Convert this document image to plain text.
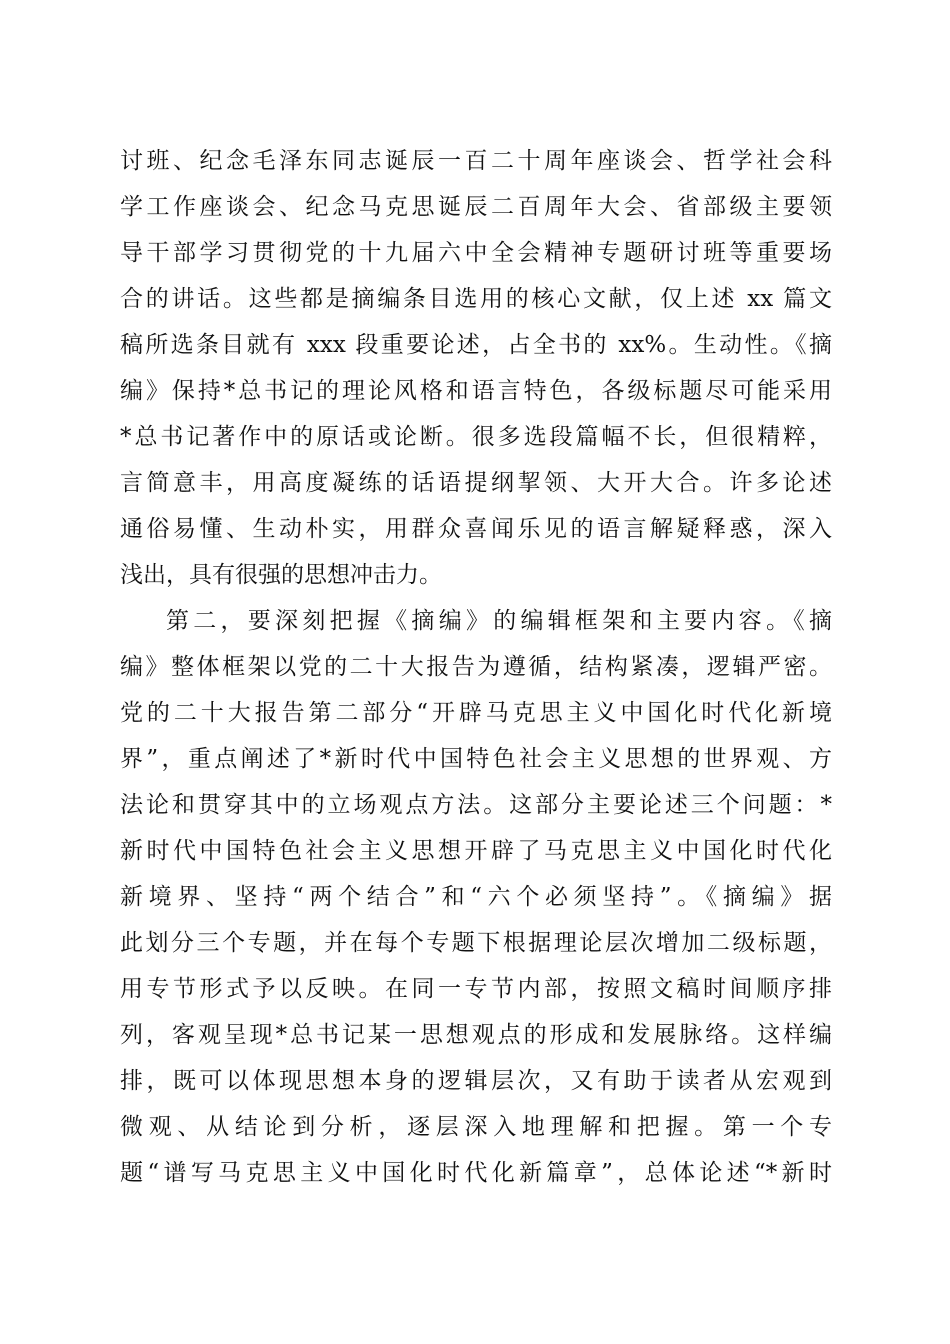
讨班、纪念毛泽东同志诞辰一百二十周年座谈会、哲学社会科
学工作座谈会、纪念马克思诞辰二百周年大会、省部级主要领
导干部学习贯彻党的十九届六中全会精神专题研讨班等重要场
合的讲话。这些都是摘编条目选用的核心文献，仅上述 xx 篇文
稿所选条目就有 xxx 段重要论述，占全书的 xx%。生动性。《摘
编》保持*总书记的理论风格和语言特色，各级标题尽可能采用
*总书记著作中的原话或论断。很多选段篇幅不长，但很精粹，
言简意丰，用高度凝练的话语提纲挈领、大开大合。许多论述
通俗易懂、生动朴实，用群众喜闻乐见的语言解疑释惑，深入
浅出，具有很强的思想冲击力。
第二，要深刻把握《摘编》的编辑框架和主要内容。《摘
编》整体框架以党的二十大报告为遵循，结构紧凑，逻辑严密。
党的二十大报告第二部分“开辟马克思主义中国化时代化新境
界”，重点阐述了*新时代中国特色社会主义思想的世界观、方
法论和贯穿其中的立场观点方法。这部分主要论述三个问题：*
新时代中国特色社会主义思想开辟了马克思主义中国化时代化
新境界、坚持“两个结合”和“六个必须坚持”。《摘编》据
此划分三个专题，并在每个专题下根据理论层次增加二级标题，
用专节形式予以反映。在同一专节内部，按照文稿时间顺序排
列，客观呈现*总书记某一思想观点的形成和发展脉络。这样编
排，既可以体现思想本身的逻辑层次，又有助于读者从宏观到
微观、从结论到分析，逐层深入地理解和把握。第一个专
题“谱写马克思主义中国化时代化新篇章”，总体论述“*新时
